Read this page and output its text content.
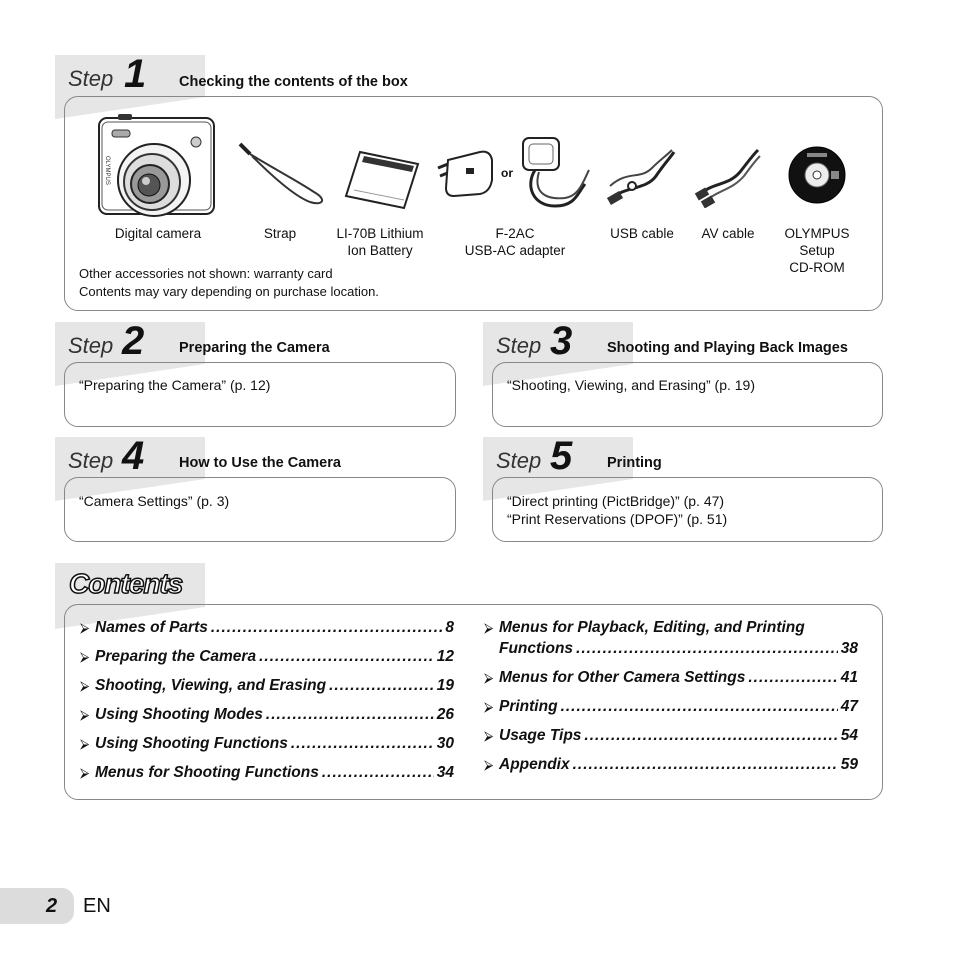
Step 1 Checking the contents of the box
OLYMPUS	or
Digital camera	Strap	LI-70B Lithium
Ion Battery
F-2AC
USB-AC adapter
USB cable	AV cable	OLYMPUS
Setup
CD-ROM
Other accessories not shown: warranty card
Contents may vary depending on purchase location.
Step 2	Preparing the Camera
“Preparing the Camera” (p. 12)
Step 3	Shooting and Playing Back Images
“Shooting, Viewing, and Erasing” (p. 19)
Step 4	How to Use the Camera
“Camera Settings” (p. 3)
Step 5	Printing
“Direct printing (PictBridge)” (p. 47)
“Print Reservations (DPOF)” (p. 51)
Contents
⮚ Names of Parts .....	8
⮚ Preparing the Camera .....	12
⮚ Shooting, Viewing, and Erasing .....	19
⮚ Using Shooting Modes .....	26
⮚ Using Shooting Functions .....	30
⮚ Menus for Shooting Functions .....	34
⮚ Menus for Playback, Editing, and Printing
Functions .....	38
⮚ Menus for Other Camera Settings .....	41
⮚ Printing .....	47
⮚ Usage Tips .....	54
⮚ Appendix .....	59
2 EN
